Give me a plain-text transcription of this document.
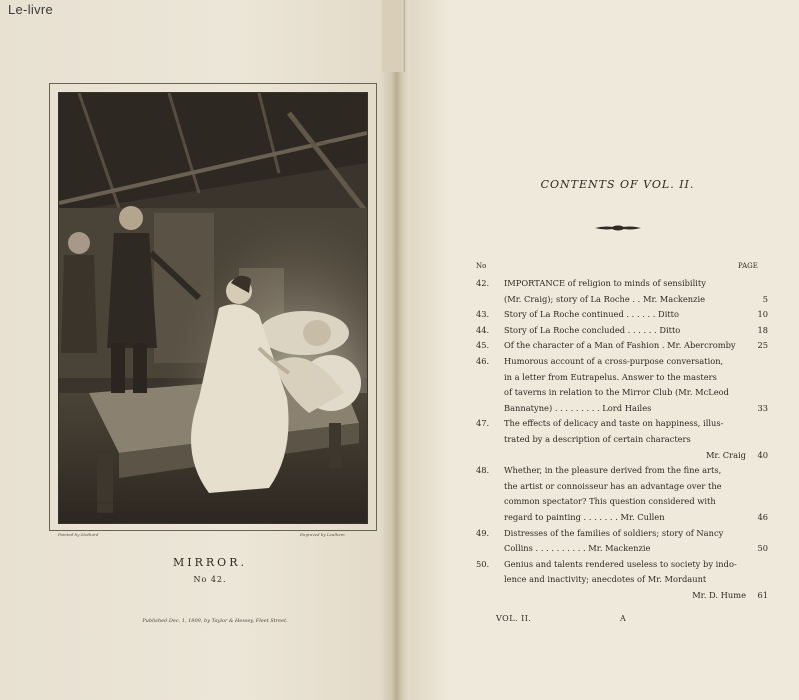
Le-livre
Painted by Stothard	Engraved by Leathem
MIRROR.
No 42.
Published Dec. 1, 1809, by Taylor & Hessey, Fleet Street.
CONTENTS OF VOL. II.
No	PAGE
42.	IMPORTANCE of religion to minds of sensibility
(Mr. Craig); story of La Roche . . Mr. Mackenzie	5
43.	Story of La Roche continued . . . . . . Ditto	10
44.	Story of La Roche concluded . . . . . . Ditto	18
45.	Of the character of a Man of Fashion . Mr. Abercromby	25
46.	Humorous account of a cross-purpose conversation,
in a letter from Eutrapelus. Answer to the masters
of taverns in relation to the Mirror Club (Mr. McLeod
Bannatyne) . . . . . . . . . Lord Hailes	33
47.	The effects of delicacy and taste on happiness, illus-
trated by a description of certain characters
Mr. Craig	40
48.	Whether, in the pleasure derived from the fine arts,
the artist or connoisseur has an advantage over the
common spectator? This question considered with
regard to painting . . . . . . . Mr. Cullen	46
49.	Distresses of the families of soldiers; story of Nancy
Collins . . . . . . . . . . Mr. Mackenzie	50
50.	Genius and talents rendered useless to society by indo-
lence and inactivity; anecdotes of Mr. Mordaunt
Mr. D. Hume	61
VOL. II.	A
